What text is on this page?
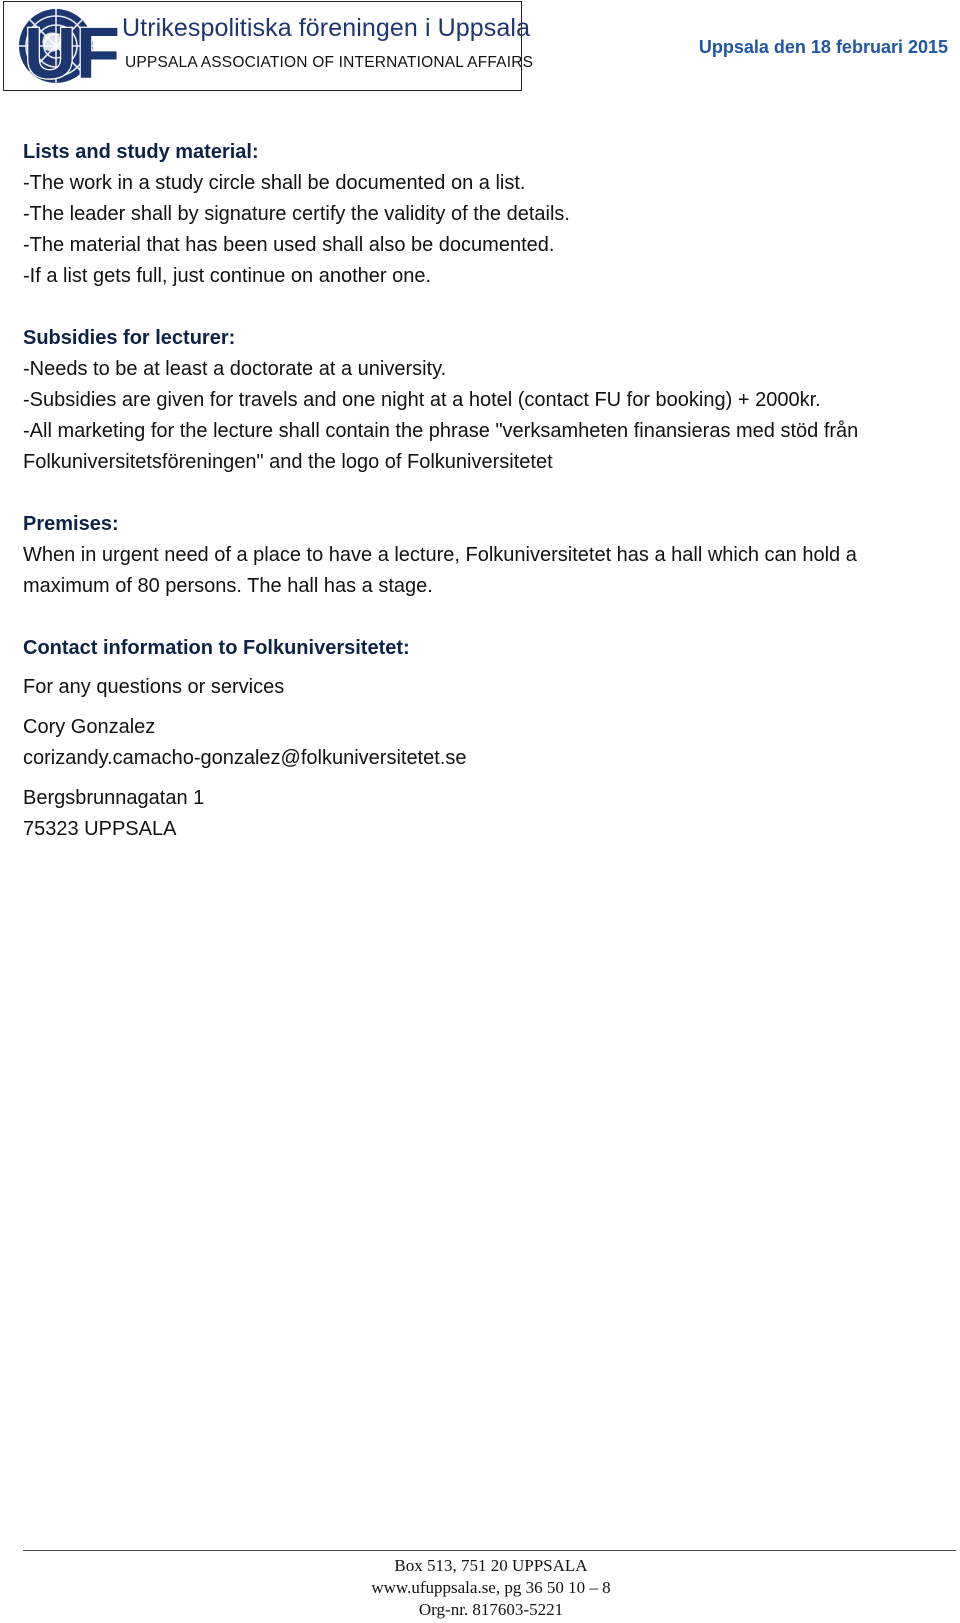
UF Utrikespolitiska föreningen i Uppsala
UPPSALA ASSOCIATION OF INTERNATIONAL AFFAIRS
Uppsala den 18 februari 2015
Lists and study material:
-The work in a study circle shall be documented on a list.
-The leader shall by signature certify the validity of the details.
-The material that has been used shall also be documented.
-If a list gets full, just continue on another one.
Subsidies for lecturer:
-Needs to be at least a doctorate at a university.
-Subsidies are given for travels and one night at a hotel (contact FU for booking) + 2000kr.
-All marketing for the lecture shall contain the phrase "verksamheten finansieras med stöd från Folkuniversitetsföreningen" and the logo of Folkuniversitetet
Premises:
When in urgent need of a place to have a lecture, Folkuniversitetet has a hall which can hold a maximum of 80 persons. The hall has a stage.
Contact information to Folkuniversitetet:
For any questions or services
Cory Gonzalez
corizandy.camacho-gonzalez@folkuniversitetet.se
Bergsbrunnagatan 1
75323 UPPSALA
Box 513, 751 20 UPPSALA
www.ufuppsala.se, pg 36 50 10 – 8
Org-nr. 817603-5221
